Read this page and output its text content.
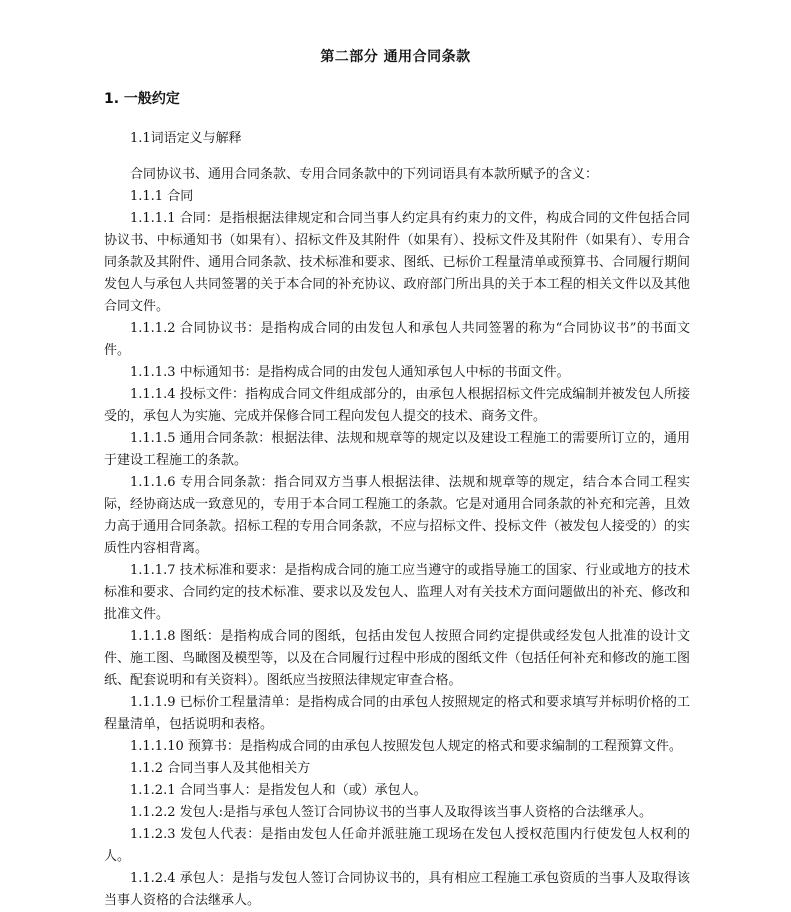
第二部分 通用合同条款
1. 一般约定

1.1词语定义与解释

合同协议书、通用合同条款、专用合同条款中的下列词语具有本款所赋予的含义：

1.1.1 合同

1.1.1.1 合同：是指根据法律规定和合同当事人约定具有约束力的文件，构成合同的文件包括合同协议书、中标通知书（如果有）、招标文件及其附件（如果有）、投标文件及其附件（如果有）、专用合同条款及其附件、通用合同条款、技术标准和要求、图纸、已标价工程量清单或预算书、合同履行期间发包人与承包人共同签署的关于本合同的补充协议、政府部门所出具的关于本工程的相关文件以及其他合同文件。

1.1.1.2 合同协议书：是指构成合同的由发包人和承包人共同签署的称为“合同协议书”的书面文件。

1.1.1.3 中标通知书：是指构成合同的由发包人通知承包人中标的书面文件。

1.1.1.4 投标文件：指构成合同文件组成部分的，由承包人根据招标文件完成编制并被发包人所接受的，承包人为实施、完成并保修合同工程向发包人提交的技术、商务文件。

1.1.1.5 通用合同条款：根据法律、法规和规章等的规定以及建设工程施工的需要所订立的，通用于建设工程施工的条款。

1.1.1.6 专用合同条款：指合同双方当事人根据法律、法规和规章等的规定，结合本合同工程实际，经协商达成一致意见的，专用于本合同工程施工的条款。它是对通用合同条款的补充和完善，且效力高于通用合同条款。招标工程的专用合同条款，不应与招标文件、投标文件（被发包人接受的）的实质性内容相背离。

1.1.1.7 技术标准和要求：是指构成合同的施工应当遵守的或指导施工的国家、行业或地方的技术标准和要求、合同约定的技术标准、要求以及发包人、监理人对有关技术方面问题做出的补充、修改和批准文件。

1.1.1.8 图纸：是指构成合同的图纸，包括由发包人按照合同约定提供或经发包人批准的设计文件、施工图、鸟瞰图及模型等，以及在合同履行过程中形成的图纸文件（包括任何补充和修改的施工图纸、配套说明和有关资料）。图纸应当按照法律规定审查合格。

1.1.1.9 已标价工程量清单：是指构成合同的由承包人按照规定的格式和要求填写并标明价格的工程量清单，包括说明和表格。

1.1.1.10 预算书：是指构成合同的由承包人按照发包人规定的格式和要求编制的工程预算文件。

1.1.2 合同当事人及其他相关方

1.1.2.1 合同当事人：是指发包人和（或）承包人。

1.1.2.2 发包人:是指与承包人签订合同协议书的当事人及取得该当事人资格的合法继承人。

1.1.2.3 发包人代表：是指由发包人任命并派驻施工现场在发包人授权范围内行使发包人权利的人。

1.1.2.4 承包人：是指与发包人签订合同协议书的，具有相应工程施工承包资质的当事人及取得该当事人资格的合法继承人。
